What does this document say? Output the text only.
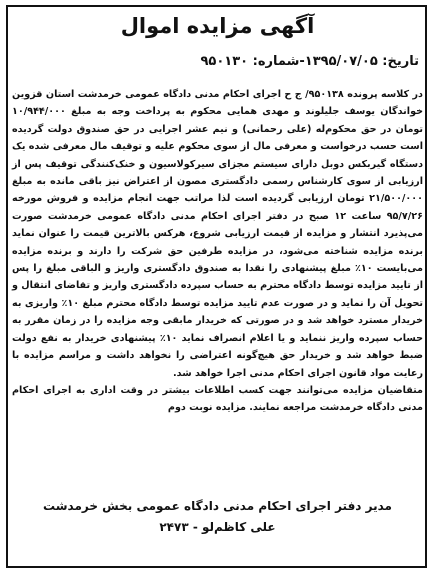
آگهی مزایده اموال
تاریخ: ۱۳۹۵/۰۷/۰۵-شماره: ۹۵۰۱۳۰

در کلاسه پرونده ۹۵۰۱۳۸/ ج ح اجرای احکام مدنی دادگاه عمومی خرمدشت استان قزوین خواندگان یوسف جلیلوند و مهدی همایی محکوم به پرداخت وجه به مبلغ ۱۰/۹۴۴/۰۰۰ تومان در حق محکوم‌له (علی رحمانی) و نیم عشر اجرایی در حق صندوق دولت گردیده است حسب درخواست و معرفی مال از سوی محکوم علیه و توقیف مال معرفی شده یک دستگاه گیربکس دوبل دارای سیستم مجزای سیرکولاسیون و خنک‌کنندگی توقیف پس از ارزیابی از سوی کارشناس رسمی دادگستری مصون از اعتراض نیز باقی مانده به مبلغ ۲۱/۵۰۰/۰۰۰ تومان ارزیابی گردیده است لذا مراتب جهت انجام مزایده و فروش مورخه ۹۵/۷/۲۶ ساعت ۱۲ صبح در دفتر اجرای احکام مدنی دادگاه عمومی خرمدشت صورت می‌پذیرد انتشار و مزایده از قیمت ارزیابی شروع، هرکس بالاترین قیمت را عنوان نماید برنده مزایده شناخته می‌شود، در مزایده طرفین حق شرکت را دارند و برنده مزایده می‌بایست ۱۰٪ مبلغ پیشنهادی را نقدا به صندوق دادگستری واریز و الباقی مبلغ را پس از تایید مزایده توسط دادگاه محترم به حساب سپرده دادگستری واریز و تقاضای انتقال و تحویل آن را نماید و در صورت عدم تایید مزایده توسط دادگاه محترم مبلغ ۱۰٪ واریزی به خریدار مسترد خواهد شد و در صورتی که خریدار مابقی وجه مزایده را در زمان مقرر به حساب سپرده واریز ننماید و یا اعلام انصراف نماید ۱۰٪ پیشنهادی خریدار به نفع دولت ضبط خواهد شد و خریدار حق هیچ‌گونه اعتراضی را نخواهد داشت و مراسم مزایده با رعایت مواد قانون اجرای احکام مدنی اجرا خواهد شد.

متقاضیان مزایده می‌توانند جهت کسب اطلاعات بیشتر در وقت اداری به اجرای احکام مدنی دادگاه خرمدشت مراجعه نمایند. مزایده نوبت دوم

مدیر دفتر اجرای احکام مدنی دادگاه عمومی بخش خرمدشت
علی کاظم‌لو - ۲۴۷۳
